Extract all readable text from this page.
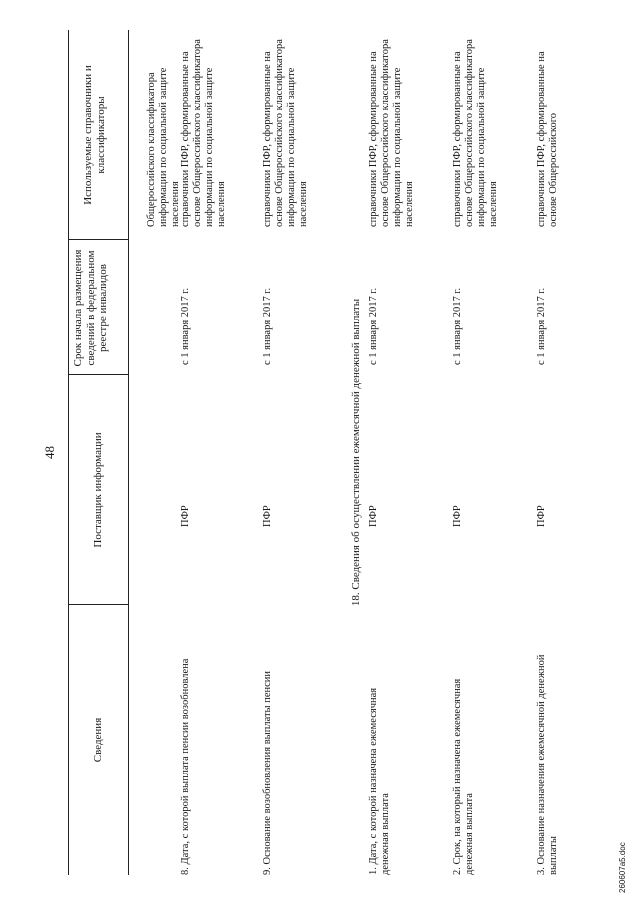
48
Сведения
Поставщик информации
Срок начала размещения сведений в федеральном реестре инвалидов
Используемые справочники и классификаторы	Общероссийского классификатора информации по социальной защите населения
8. Дата, с которой выплата пенсии возобновлена
ПФР
с 1 января 2017 г.
справочники ПФР, сформированные на основе Общероссийского классификатора информации по социальной защите населения
9. Основание возобновления выплаты пенсии
ПФР
с 1 января 2017 г.
справочники ПФР, сформированные на основе Общероссийского классификатора информации по социальной защите населения
18. Сведения об осуществлении ежемесячной денежной выплаты
1. Дата, с которой назначена ежемесячная денежная выплата
ПФР
с 1 января 2017 г.
справочники ПФР, сформированные на основе Общероссийского классификатора информации по социальной защите населения
2. Срок, на который назначена ежемесячная денежная выплата
ПФР
с 1 января 2017 г.
справочники ПФР, сформированные на основе Общероссийского классификатора информации по социальной защите населения
3. Основание назначения ежемесячной денежной выплаты
ПФР
с 1 января 2017 г.
справочники ПФР, сформированные на основе Общероссийского
260607a5.doc
